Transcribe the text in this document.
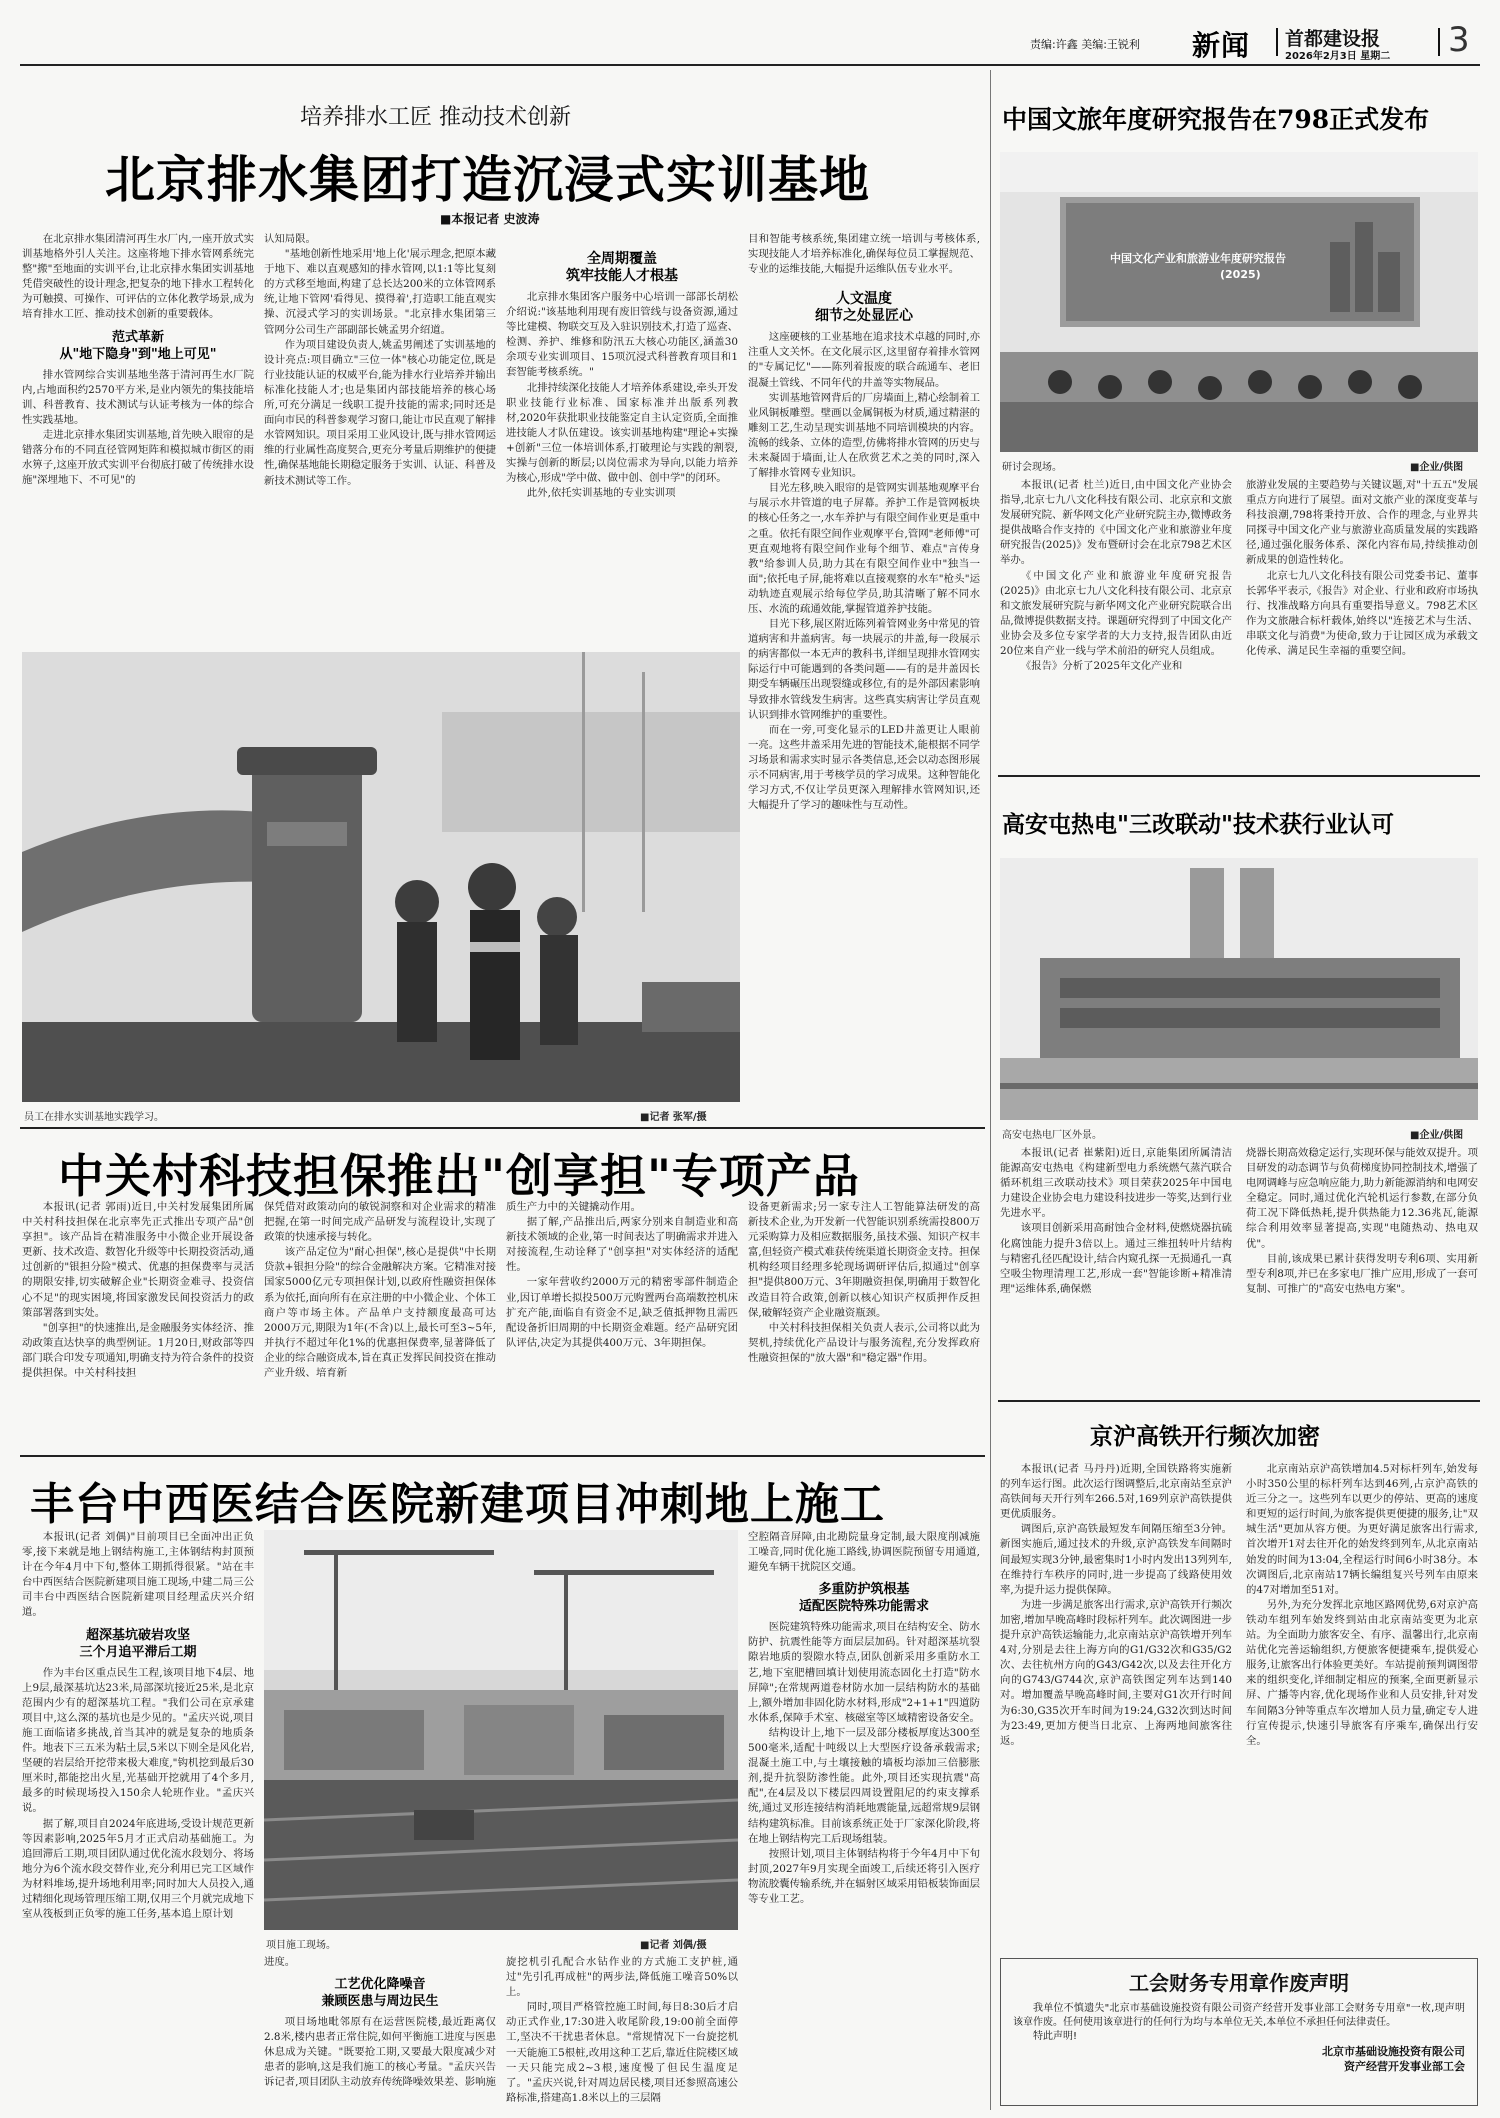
责编:许鑫 美编:王锐利 新闻 首都建设报
2026年2月3日 星期二 3
培养排水工匠 推动技术创新
北京排水集团打造沉浸式实训基地
■本报记者 史波涛

在北京排水集团清河再生水厂内,一座开放式实训基地格外引人关注。这座将地下排水管网系统完整"搬"至地面的实训平台,让北京排水集团实训基地凭借突破性的设计理念,把复杂的地下排水工程转化为可触摸、可操作、可评估的立体化教学场景,成为培育排水工匠、推动技术创新的重要载体。

范式革新
从"地下隐身"到"地上可见"

排水管网综合实训基地坐落于清河再生水厂院内,占地面积约2570平方米,是业内领先的集技能培训、科普教育、技术测试与认证考核为一体的综合性实践基地。

走进北京排水集团实训基地,首先映入眼帘的是错落分布的不同直径管网矩阵和模拟城市街区的雨水箅子,这座开放式实训平台彻底打破了传统排水设施"深埋地下、不可见"的

认知局限。

"基地创新性地采用'地上化'展示理念,把原本藏于地下、难以直观感知的排水管网,以1:1等比复刻的方式移至地面,构建了总长达200米的立体管网系统,让地下管网'看得见、摸得着',打造职工能直观实操、沉浸式学习的实训场景。"北京排水集团第三管网分公司生产部副部长姚孟男介绍道。

作为项目建设负责人,姚孟男阐述了实训基地的设计亮点:项目确立"三位一体"核心功能定位,既是行业技能认证的权威平台,能为排水行业培养并输出标准化技能人才;也是集团内部技能培养的核心场所,可充分满足一线职工提升技能的需求;同时还是面向市民的科普参观学习窗口,能让市民直观了解排水管网知识。项目采用工业风设计,既与排水管网运维的行业属性高度契合,更充分考量后期维护的便捷性,确保基地能长期稳定服务于实训、认证、科普及新技术测试等工作。

全周期覆盖
筑牢技能人才根基

北京排水集团客户服务中心培训一部部长胡松介绍说:"该基地利用现有废旧管线与设备资源,通过等比建模、物联交互及入驻识别技术,打造了巡查、检测、养护、维修和防汛五大核心功能区,涵盖30余项专业实训项目、15项沉浸式科普教育项目和1套智能考核系统。"

北排持续深化技能人才培养体系建设,牵头开发职业技能行业标准、国家标准并出版系列教材,2020年获批职业技能鉴定自主认定资质,全面推进技能人才队伍建设。该实训基地构建"理论+实操+创新"三位一体培训体系,打破理论与实践的割裂,实操与创新的断层;以岗位需求为导向,以能力培养为核心,形成"学中做、做中创、创中学"的闭环。

此外,依托实训基地的专业实训项

目和智能考核系统,集团建立统一培训与考核体系,实现技能人才培养标准化,确保每位员工掌握规范、专业的运维技能,大幅提升运维队伍专业水平。

人文温度
细节之处显匠心

这座硬核的工业基地在追求技术卓越的同时,亦注重人文关怀。在文化展示区,这里留存着排水管网的"专属记忆"——陈列着报废的联合疏通车、老旧混凝土管线、不同年代的井盖等实物展品。

实训基地管网背后的厂房墙面上,精心绘制着工业风铜板雕塑。壁画以金属铜板为材质,通过精湛的雕刻工艺,生动呈现实训基地不同培训模块的内容。流畅的线条、立体的造型,仿佛将排水管网的历史与未来凝固于墙面,让人在欣赏艺术之美的同时,深入了解排水管网专业知识。

目光左移,映入眼帘的是管网实训基地观摩平台与展示水井管道的电子屏幕。养护工作是管网板块的核心任务之一,水车养护与有限空间作业更是重中之重。依托有限空间作业观摩平台,管网"老师傅"可更直观地将有限空间作业每个细节、难点"言传身教"给参训人员,助力其在有限空间作业中"独当一面";依托电子屏,能将难以直接观察的水车"枪头"运动轨迹直观展示给每位学员,助其清晰了解不同水压、水流的疏通效能,掌握管道养护技能。

目光下移,展区附近陈列着管网业务中常见的管道病害和井盖病害。每一块展示的井盖,每一段展示的病害都似一本无声的教科书,详细呈现排水管网实际运行中可能遇到的各类问题——有的是井盖因长期受车辆碾压出现裂缝或移位,有的是外部因素影响导致排水管线发生病害。这些真实病害让学员直观认识到排水管网维护的重要性。

而在一旁,可变化显示的LED井盖更让人眼前一亮。这些井盖采用先进的智能技术,能根据不同学习场景和需求实时显示各类信息,还会以动态图形展示不同病害,用于考核学员的学习成果。这种智能化学习方式,不仅让学员更深入理解排水管网知识,还大幅提升了学习的趣味性与互动性。

员工在排水实训基地实践学习。	■记者 张军/摄
中关村科技担保推出"创享担"专项产品

本报讯(记者 郭雨)近日,中关村发展集团所属中关村科技担保在北京率先正式推出专项产品"创享担"。该产品旨在精准服务中小微企业开展设备更新、技术改造、数智化升级等中长期投资活动,通过创新的"银担分险"模式、优惠的担保费率与灵活的期限安排,切实破解企业"长期资金难寻、投资信心不足"的现实困境,将国家激发民间投资活力的政策部署落到实处。

"创享担"的快速推出,是金融服务实体经济、推动政策直达快享的典型例证。1月20日,财政部等四部门联合印发专项通知,明确支持为符合条件的投资提供担保。中关村科技担

保凭借对政策动向的敏锐洞察和对企业需求的精准把握,在第一时间完成产品研发与流程设计,实现了政策的快速承接与转化。

该产品定位为"耐心担保",核心是提供"中长期贷款+银担分险"的综合金融解决方案。它精准对接国家5000亿元专项担保计划,以政府性融资担保体系为依托,面向所有在京注册的中小微企业、个体工商户等市场主体。产品单户支持额度最高可达2000万元,期限为1年(不含)以上,最长可至3~5年,并执行不超过年化1%的优惠担保费率,显著降低了企业的综合融资成本,旨在真正发挥民间投资在推动产业升级、培育新

质生产力中的关键撬动作用。

据了解,产品推出后,两家分别来自制造业和高新技术领域的企业,第一时间表达了明确需求并进入对接流程,生动诠释了"创享担"对实体经济的适配性。

一家年营收约2000万元的精密零部件制造企业,因订单增长拟投500万元购置两台高端数控机床扩充产能,面临自有资金不足,缺乏值抵押物且需匹配设备折旧周期的中长期资金难题。经产品研究团队评估,决定为其提供400万元、3年期担保。

设备更新需求;另一家专注人工智能算法研发的高新技术企业,为开发新一代智能识别系统需投800万元采购算力及相应数据服务,虽技术强、知识产权丰富,但轻资产模式难获传统渠道长期资金支持。担保机构经项目经理多轮现场调研评估后,拟通过"创享担"提供800万元、3年期融资担保,明确用于数智化改造目符合政策,创新以核心知识产权质押作反担保,破解轻资产企业融资瓶颈。

中关村科技担保相关负责人表示,公司将以此为契机,持续优化产品设计与服务流程,充分发挥政府性融资担保的"放大器"和"稳定器"作用。

丰台中西医结合医院新建项目冲刺地上施工

本报讯(记者 刘偶)"目前项目已全面冲出正负零,接下来就是地上钢结构施工,主体钢结构封顶预计在今年4月中下旬,整体工期抓得很紧。"站在丰台中西医结合医院新建项目施工现场,中建二局三公司丰台中西医结合医院新建项目经理孟庆兴介绍道。

超深基坑破岩攻坚
三个月追平滞后工期

作为丰台区重点民生工程,该项目地下4层、地上9层,最深基坑达23米,局部深坑接近25米,是北京范围内少有的超深基坑工程。"我们公司在京承建项目中,这么深的基坑也是少见的。"孟庆兴说,项目施工面临诸多挑战,首当其冲的就是复杂的地质条件。地表下三五米为粘土层,5米以下则全是风化岩,坚硬的岩层给开挖带来极大难度,"钩机挖到最后30厘米时,都能挖出火星,光基础开挖就用了4个多月,最多的时候现场投入150余人轮班作业。"孟庆兴说。

据了解,项目自2024年底进场,受设计规范更新等因素影响,2025年5月才正式启动基础施工。为追回滞后工期,项目团队通过优化流水段划分、将场地分为6个流水段交替作业,充分利用已完工区域作为材料堆场,提升场地利用率;同时加大人员投入,通过精细化现场管理压缩工期,仅用三个月就完成地下室从筏板到正负零的施工任务,基本追上原计划

项目施工现场。	■记者 刘偶/摄

进度。

工艺优化降噪音
兼顾医患与周边民生

项目场地毗邻原有在运营医院楼,最近距离仅2.8米,楼内患者正常住院,如何平衡施工进度与医患休息成为关键。"既要抢工期,又要最大限度减少对患者的影响,这是我们施工的核心考量。"孟庆兴告诉记者,项目团队主动放弃传统降噪效果差、影响施

旋挖机引孔配合水钻作业的方式施工支护桩,通过"先引孔再成桩"的两步法,降低施工噪音50%以上。

同时,项目严格管控施工时间,每日8:30后才启动正式作业,17:30进入收尾阶段,19:00前全面停工,坚决不干扰患者休息。"常规情况下一台旋挖机一天能施工5根桩,改用这种工艺后,靠近住院楼区域一天只能完成2~3根,速度慢了但民生温度足了。"孟庆兴说,针对周边居民楼,项目还参照高速公路标准,搭建高1.8米以上的三层隔

空腔隔音屏障,由北勘院量身定制,最大限度削减施工噪音,同时优化施工路线,协调医院预留专用通道,避免车辆干扰院区交通。

多重防护筑根基
适配医院特殊功能需求

医院建筑特殊功能需求,项目在结构安全、防水防护、抗震性能等方面层层加码。针对超深基坑裂隙岩地质的裂隙水特点,团队创新采用多重防水工艺,地下室肥槽回填计划使用流态固化土打造"防水屏障";在常规两道卷材防水加一层结构防水的基础上,额外增加非固化防水材料,形成"2+1+1"四道防水体系,保障手术室、核磁室等区域精密设备安全。

结构设计上,地下一层及部分楼板厚度达300至500毫米,适配十吨级以上大型医疗设备承载需求;混凝土施工中,与土壤接触的墙板均添加三倍膨胀剂,提升抗裂防渗性能。此外,项目还实现抗震"高配",在4层及以下楼层四周设置阻尼的约束支撑系统,通过叉形连接结构消耗地震能量,远超常规9层钢结构建筑标准。目前该系统正处于厂家深化阶段,将在地上钢结构完工后现场组装。

按照计划,项目主体钢结构将于今年4月中下旬封顶,2027年9月实现全面竣工,后续还将引入医疗物流胶囊传输系统,并在辐射区域采用铅板装饰面层等专业工艺。

中国文旅年度研究报告在798正式发布
中国文化产业和旅游业年度研究报告
(2025)
研讨会现场。	■企业/供图

本报讯(记者 杜兰)近日,由中国文化产业协会指导,北京七九八文化科技有限公司、北京京和文旅发展研究院、新华网文化产业研究院主办,微博政务提供战略合作支持的《中国文化产业和旅游业年度研究报告(2025)》发布暨研讨会在北京798艺术区举办。

《中国文化产业和旅游业年度研究报告(2025)》由北京七九八文化科技有限公司、北京京和文旅发展研究院与新华网文化产业研究院联合出品,微博提供数据支持。课题研究得到了中国文化产业协会及多位专家学者的大力支持,报告团队由近20位来自产业一线与学术前沿的研究人员组成。

《报告》分析了2025年文化产业和

旅游业发展的主要趋势与关键议题,对"十五五"发展重点方向进行了展望。面对文旅产业的深度变革与科技浪潮,798将秉持开放、合作的理念,与业界共同探寻中国文化产业与旅游业高质量发展的实践路径,通过强化服务体系、深化内容布局,持续推动创新成果的创造性转化。

北京七九八文化科技有限公司党委书记、董事长郭华平表示,《报告》对企业、行业和政府市场执行、找准战略方向具有重要指导意义。798艺术区作为文旅融合标杆载体,始终以"连接艺术与生活、串联文化与消费"为使命,致力于让园区成为承载文化传承、满足民生幸福的重要空间。

高安屯热电"三改联动"技术获行业认可
高安屯热电厂区外景。	■企业/供图

本报讯(记者 崔紫阳)近日,京能集团所属清洁能源高安屯热电《构建新型电力系统燃气蒸汽联合循环机组三改联动技术》项目荣获2025年中国电力建设企业协会电力建设科技进步一等奖,达到行业先进水平。

该项目创新采用高耐蚀合金材料,使燃烧器抗硫化腐蚀能力提升3倍以上。通过三维扭转叶片结构与精密孔径匹配设计,结合内窥孔探一无损通孔一真空吸尘物理清理工艺,形成一套"智能诊断+精准清理"运维体系,确保燃

烧器长期高效稳定运行,实现环保与能效双提升。项目研发的动态调节与负荷梯度协同控制技术,增强了电网调峰与应急响应能力,助力新能源消纳和电网安全稳定。同时,通过优化汽轮机运行参数,在部分负荷工况下降低热耗,提升供热能力12.36兆瓦,能源综合利用效率显著提高,实现"电随热动、热电双优"。

目前,该成果已累计获得发明专利6项、实用新型专利8项,并已在多家电厂推广应用,形成了一套可复制、可推广的"高安屯热电方案"。

京沪高铁开行频次加密

本报讯(记者 马丹丹)近期,全国铁路将实施新的列车运行图。此次运行图调整后,北京南站至京沪高铁间每天开行列车266.5对,169列京沪高铁提供更优质服务。

调图后,京沪高铁最短发车间隔压缩至3分钟。新图实施后,通过技术的升级,京沪高铁发车间隔时间最短实现3分钟,最密集时1小时内发出13列列车,在维持行车秩序的同时,进一步提高了线路使用效率,为提升运力提供保障。

为进一步满足旅客出行需求,京沪高铁开行频次加密,增加早晚高峰时段标杆列车。此次调图进一步提升京沪高铁运输能力,北京南站京沪高铁增开列车4对,分别是去往上海方向的G1/G32次和G35/G2次、去往杭州方向的G43/G42次,以及去往开化方向的G743/G744次,京沪高铁图定列车达到140对。增加覆盖早晚高峰时间,主要对G1次开行时间为6:30,G35次开车时间为19:24,G32次到达时间为23:49,更加方便当日北京、上海两地间旅客往返。

北京南站京沪高铁增加4.5对标杆列车,始发每小时350公里的标杆列车达到46列,占京沪高铁的近三分之一。这些列车以更少的停站、更高的速度和更短的运行时间,为旅客提供更便捷的服务,让"双城生活"更加从容方便。为更好满足旅客出行需求,首次增开1对去往开化的始发终到列车,从北京南站始发的时间为13:04,全程运行时间6小时38分。本次调图后,北京南站17辆长编组复兴号列车由原来的47对增加至51对。

另外,为充分发挥北京地区路网优势,6对京沪高铁动车组列车始发终到站由北京南站变更为北京站。为全面助力旅客安全、有序、温馨出行,北京南站优化完善运输组织,方便旅客便捷乘车,提供爱心服务,让旅客出行体验更美好。车站提前预判调图带来的组织变化,详细制定相应的预案,全面更新显示屏、广播等内容,优化现场作业和人员安排,针对发车间隔3分钟等重点车次增加人员力量,确定专人进行宣传提示,快速引导旅客有序乘车,确保出行安全。

工会财务专用章作废声明
我单位不慎遗失"北京市基础设施投资有限公司资产经营开发事业部工会财务专用章"一枚,现声明该章作废。任何使用该章进行的任何行为均与本单位无关,本单位不承担任何法律责任。
特此声明!
北京市基础设施投资有限公司
资产经营开发事业部工会
